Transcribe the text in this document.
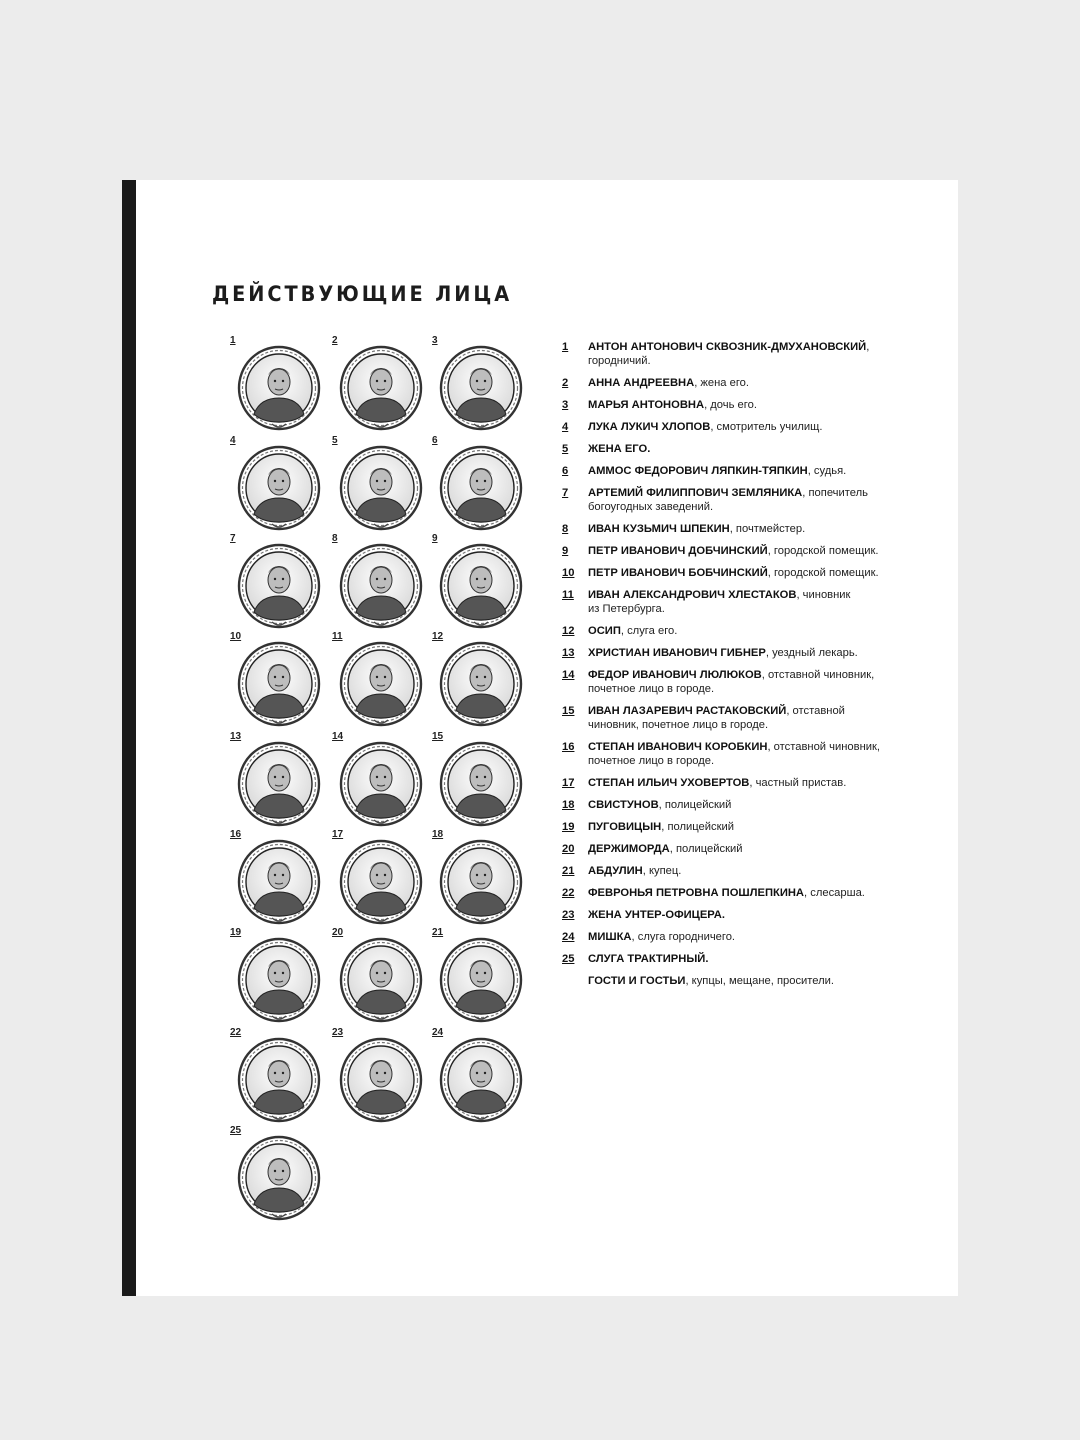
ДЕЙСТВУЮЩИЕ ЛИЦА
1	2	3
4	5	6
7	8	9
10	11	12
13	14	15
16	17	18
19	20	21
22	23	24
25
1 АНТОН АНТОНОВИЧ СКВОЗНИК-ДМУХАНОВСКИЙ,
городничий.
2 АННА АНДРЕЕВНА, жена его.
3 МАРЬЯ АНТОНОВНА, дочь его.
4 ЛУКА ЛУКИЧ ХЛОПОВ, смотритель училищ.
5 ЖЕНА ЕГО.
6 АММОС ФЕДОРОВИЧ ЛЯПКИН-ТЯПКИН, судья.
7 АРТЕМИЙ ФИЛИППОВИЧ ЗЕМЛЯНИКА, попечитель
богоугодных заведений.
8 ИВАН КУЗЬМИЧ ШПЕКИН, почтмейстер.
9 ПЕТР ИВАНОВИЧ ДОБЧИНСКИЙ, городской помещик.
10 ПЕТР ИВАНОВИЧ БОБЧИНСКИЙ, городской помещик.
11 ИВАН АЛЕКСАНДРОВИЧ ХЛЕСТАКОВ, чиновник
из Петербурга.
12 ОСИП, слуга его.
13 ХРИСТИАН ИВАНОВИЧ ГИБНЕР, уездный лекарь.
14 ФЕДОР ИВАНОВИЧ ЛЮЛЮКОВ, отставной чиновник,
почетное лицо в городе.
15 ИВАН ЛАЗАРЕВИЧ РАСТАКОВСКИЙ, отставной
чиновник, почетное лицо в городе.
16 СТЕПАН ИВАНОВИЧ КОРОБКИН, отставной чиновник,
почетное лицо в городе.
17 СТЕПАН ИЛЬИЧ УХОВЕРТОВ, частный пристав.
18 СВИСТУНОВ, полицейский
19 ПУГОВИЦЫН, полицейский
20 ДЕРЖИМОРДА, полицейский
21 АБДУЛИН, купец.
22 ФЕВРОНЬЯ ПЕТРОВНА ПОШЛЕПКИНА, слесарша.
23 ЖЕНА УНТЕР-ОФИЦЕРА.
24 МИШКА, слуга городничего.
25 СЛУГА ТРАКТИРНЫЙ.
ГОСТИ И ГОСТЬИ, купцы, мещане, просители.
